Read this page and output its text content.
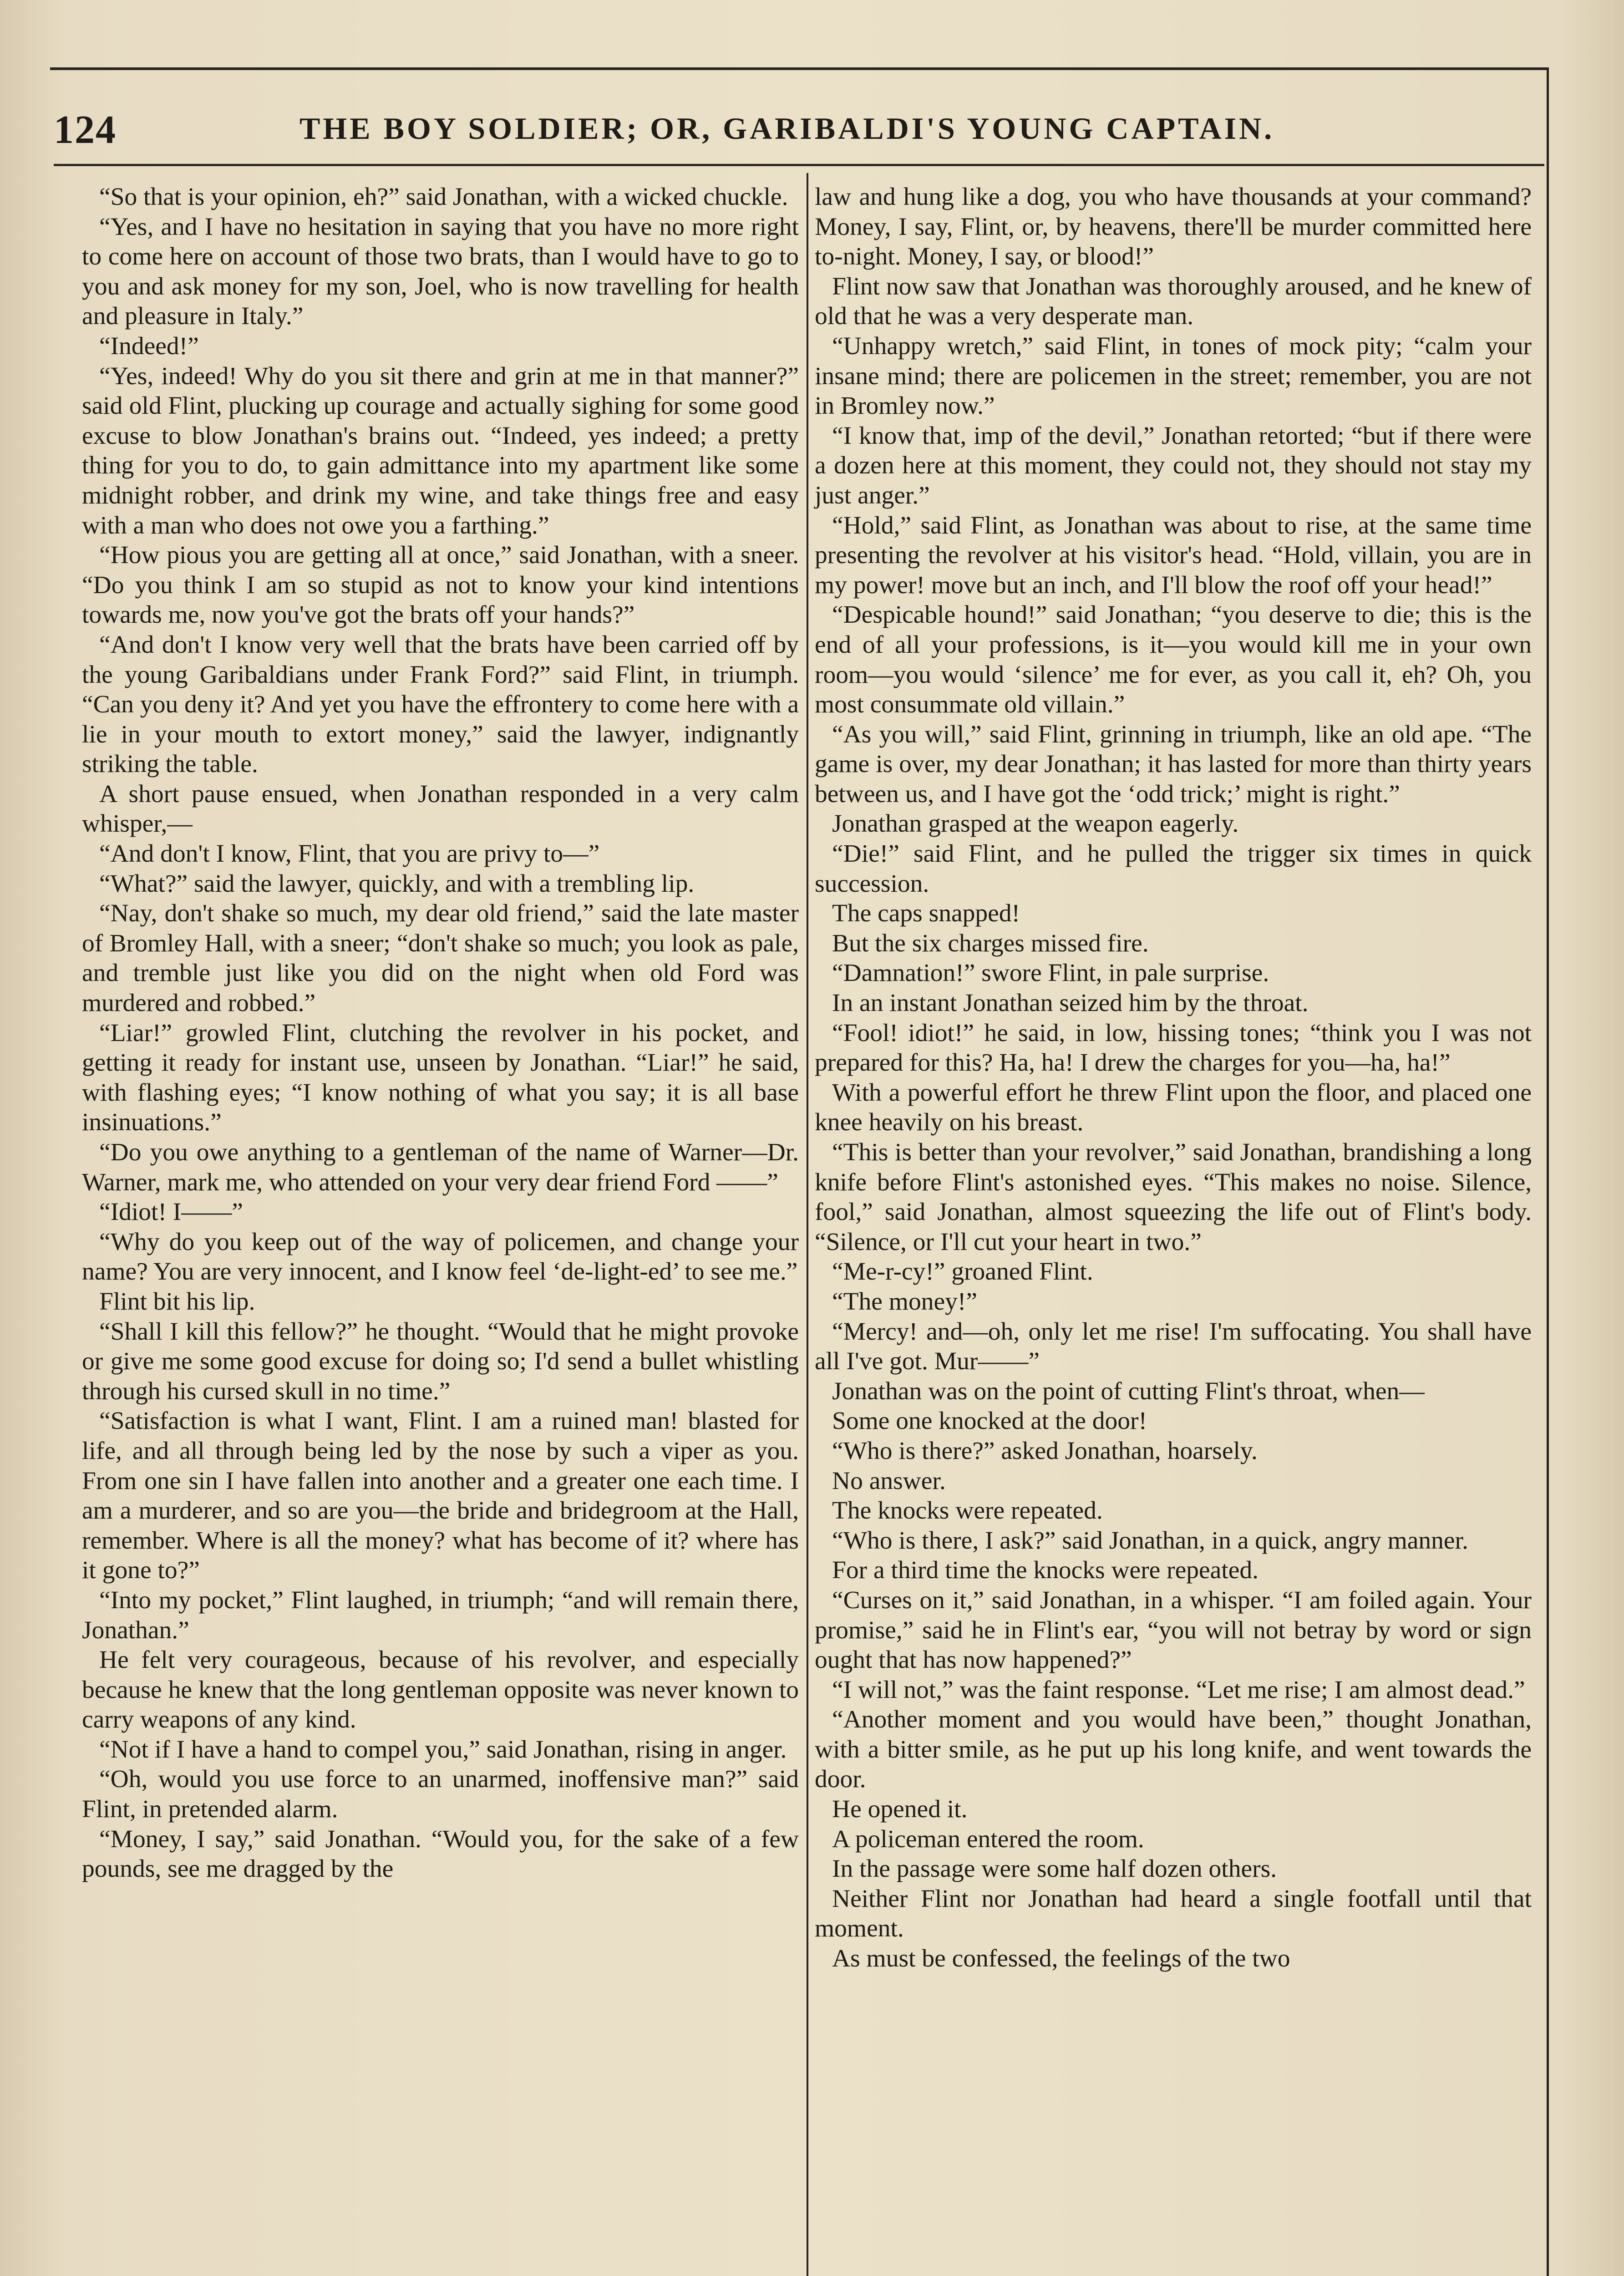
124	THE BOY SOLDIER; OR, GARIBALDI'S YOUNG CAPTAIN.

“So that is your opinion, eh?” said Jonathan, with a wicked chuckle.

“Yes, and I have no hesitation in saying that you have no more right to come here on account of those two brats, than I would have to go to you and ask money for my son, Joel, who is now travelling for health and pleasure in Italy.”

“Indeed!”

“Yes, indeed! Why do you sit there and grin at me in that manner?” said old Flint, plucking up courage and actually sighing for some good excuse to blow Jonathan's brains out. “Indeed, yes indeed; a pretty thing for you to do, to gain admittance into my apartment like some midnight robber, and drink my wine, and take things free and easy with a man who does not owe you a farthing.”

“How pious you are getting all at once,” said Jonathan, with a sneer. “Do you think I am so stupid as not to know your kind intentions towards me, now you've got the brats off your hands?”

“And don't I know very well that the brats have been carried off by the young Garibaldians under Frank Ford?” said Flint, in triumph. “Can you deny it? And yet you have the effrontery to come here with a lie in your mouth to extort money,” said the lawyer, indignantly striking the table.

A short pause ensued, when Jonathan responded in a very calm whisper,—

“And don't I know, Flint, that you are privy to—”

“What?” said the lawyer, quickly, and with a trembling lip.

“Nay, don't shake so much, my dear old friend,” said the late master of Bromley Hall, with a sneer; “don't shake so much; you look as pale, and tremble just like you did on the night when old Ford was murdered and robbed.”

“Liar!” growled Flint, clutching the revolver in his pocket, and getting it ready for instant use, unseen by Jonathan. “Liar!” he said, with flashing eyes; “I know nothing of what you say; it is all base insinuations.”

“Do you owe anything to a gentleman of the name of Warner—Dr. Warner, mark me, who attended on your very dear friend Ford ——”

“Idiot! I——”

“Why do you keep out of the way of policemen, and change your name? You are very innocent, and I know feel ‘de-light-ed’ to see me.”

Flint bit his lip.

“Shall I kill this fellow?” he thought. “Would that he might provoke or give me some good excuse for doing so; I'd send a bullet whistling through his cursed skull in no time.”

“Satisfaction is what I want, Flint. I am a ruined man! blasted for life, and all through being led by the nose by such a viper as you. From one sin I have fallen into another and a greater one each time. I am a murderer, and so are you—the bride and bridegroom at the Hall, remember. Where is all the money? what has become of it? where has it gone to?”

“Into my pocket,” Flint laughed, in triumph; “and will remain there, Jonathan.”

He felt very courageous, because of his revolver, and especially because he knew that the long gentleman opposite was never known to carry weapons of any kind.

“Not if I have a hand to compel you,” said Jonathan, rising in anger.

“Oh, would you use force to an unarmed, inoffensive man?” said Flint, in pretended alarm.

“Money, I say,” said Jonathan. “Would you, for the sake of a few pounds, see me dragged by the

law and hung like a dog, you who have thousands at your command? Money, I say, Flint, or, by heavens, there'll be murder committed here to-night. Money, I say, or blood!”

Flint now saw that Jonathan was thoroughly aroused, and he knew of old that he was a very desperate man.

“Unhappy wretch,” said Flint, in tones of mock pity; “calm your insane mind; there are policemen in the street; remember, you are not in Bromley now.”

“I know that, imp of the devil,” Jonathan retorted; “but if there were a dozen here at this moment, they could not, they should not stay my just anger.”

“Hold,” said Flint, as Jonathan was about to rise, at the same time presenting the revolver at his visitor's head. “Hold, villain, you are in my power! move but an inch, and I'll blow the roof off your head!”

“Despicable hound!” said Jonathan; “you deserve to die; this is the end of all your professions, is it—you would kill me in your own room—you would ‘silence’ me for ever, as you call it, eh? Oh, you most consummate old villain.”

“As you will,” said Flint, grinning in triumph, like an old ape. “The game is over, my dear Jonathan; it has lasted for more than thirty years between us, and I have got the ‘odd trick;’ might is right.”

Jonathan grasped at the weapon eagerly.

“Die!” said Flint, and he pulled the trigger six times in quick succession.

The caps snapped!

But the six charges missed fire.

“Damnation!” swore Flint, in pale surprise.

In an instant Jonathan seized him by the throat.

“Fool! idiot!” he said, in low, hissing tones; “think you I was not prepared for this? Ha, ha! I drew the charges for you—ha, ha!”

With a powerful effort he threw Flint upon the floor, and placed one knee heavily on his breast.

“This is better than your revolver,” said Jonathan, brandishing a long knife before Flint's astonished eyes. “This makes no noise. Silence, fool,” said Jonathan, almost squeezing the life out of Flint's body. “Silence, or I'll cut your heart in two.”

“Me-r-cy!” groaned Flint.

“The money!”

“Mercy! and—oh, only let me rise! I'm suffocating. You shall have all I've got. Mur——”

Jonathan was on the point of cutting Flint's throat, when—

Some one knocked at the door!

“Who is there?” asked Jonathan, hoarsely.

No answer.

The knocks were repeated.

“Who is there, I ask?” said Jonathan, in a quick, angry manner.

For a third time the knocks were repeated.

“Curses on it,” said Jonathan, in a whisper. “I am foiled again. Your promise,” said he in Flint's ear, “you will not betray by word or sign ought that has now happened?”

“I will not,” was the faint response. “Let me rise; I am almost dead.”

“Another moment and you would have been,” thought Jonathan, with a bitter smile, as he put up his long knife, and went towards the door.

He opened it.

A policeman entered the room.

In the passage were some half dozen others.

Neither Flint nor Jonathan had heard a single footfall until that moment.

As must be confessed, the feelings of the two
